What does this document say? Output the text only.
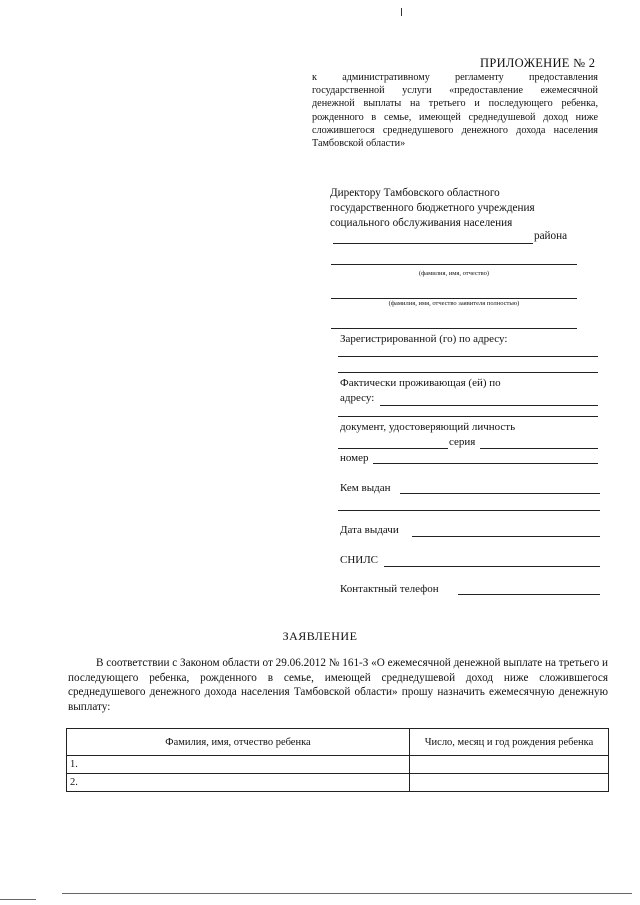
ПРИЛОЖЕНИЕ № 2
к административному регламенту предоставления государственной услуги «предоставление ежемесячной денежной выплаты на третьего и последующего ребенка, рожденного в семье, имеющей среднедушевой доход ниже сложившегося среднедушевого денежного дохода населения Тамбовской области»
Директору Тамбовского областного
государственного бюджетного учреждения
социального обслуживания населения
района
(фамилия, имя, отчество)
(фамилия, имя, отчество заявителя полностью)
Зарегистрированной (го) по адресу:
Фактически проживающая (ей) по
адресу:
документ, удостоверяющий личность
серия
номер
Кем выдан
Дата выдачи
СНИЛС
Контактный телефон
ЗАЯВЛЕНИЕ

В соответствии с Законом области от 29.06.2012 № 161-З «О ежемесячной денежной выплате на третьего и последующего ребенка, рожденного в семье, имеющей среднедушевой доход ниже сложившегося среднедушевого денежного дохода населения Тамбовской области» прошу назначить ежемесячную денежную выплату:

Фамилия, имя, отчество ребенка	Число, месяц и год рождения ребенка
1.	
2.	
